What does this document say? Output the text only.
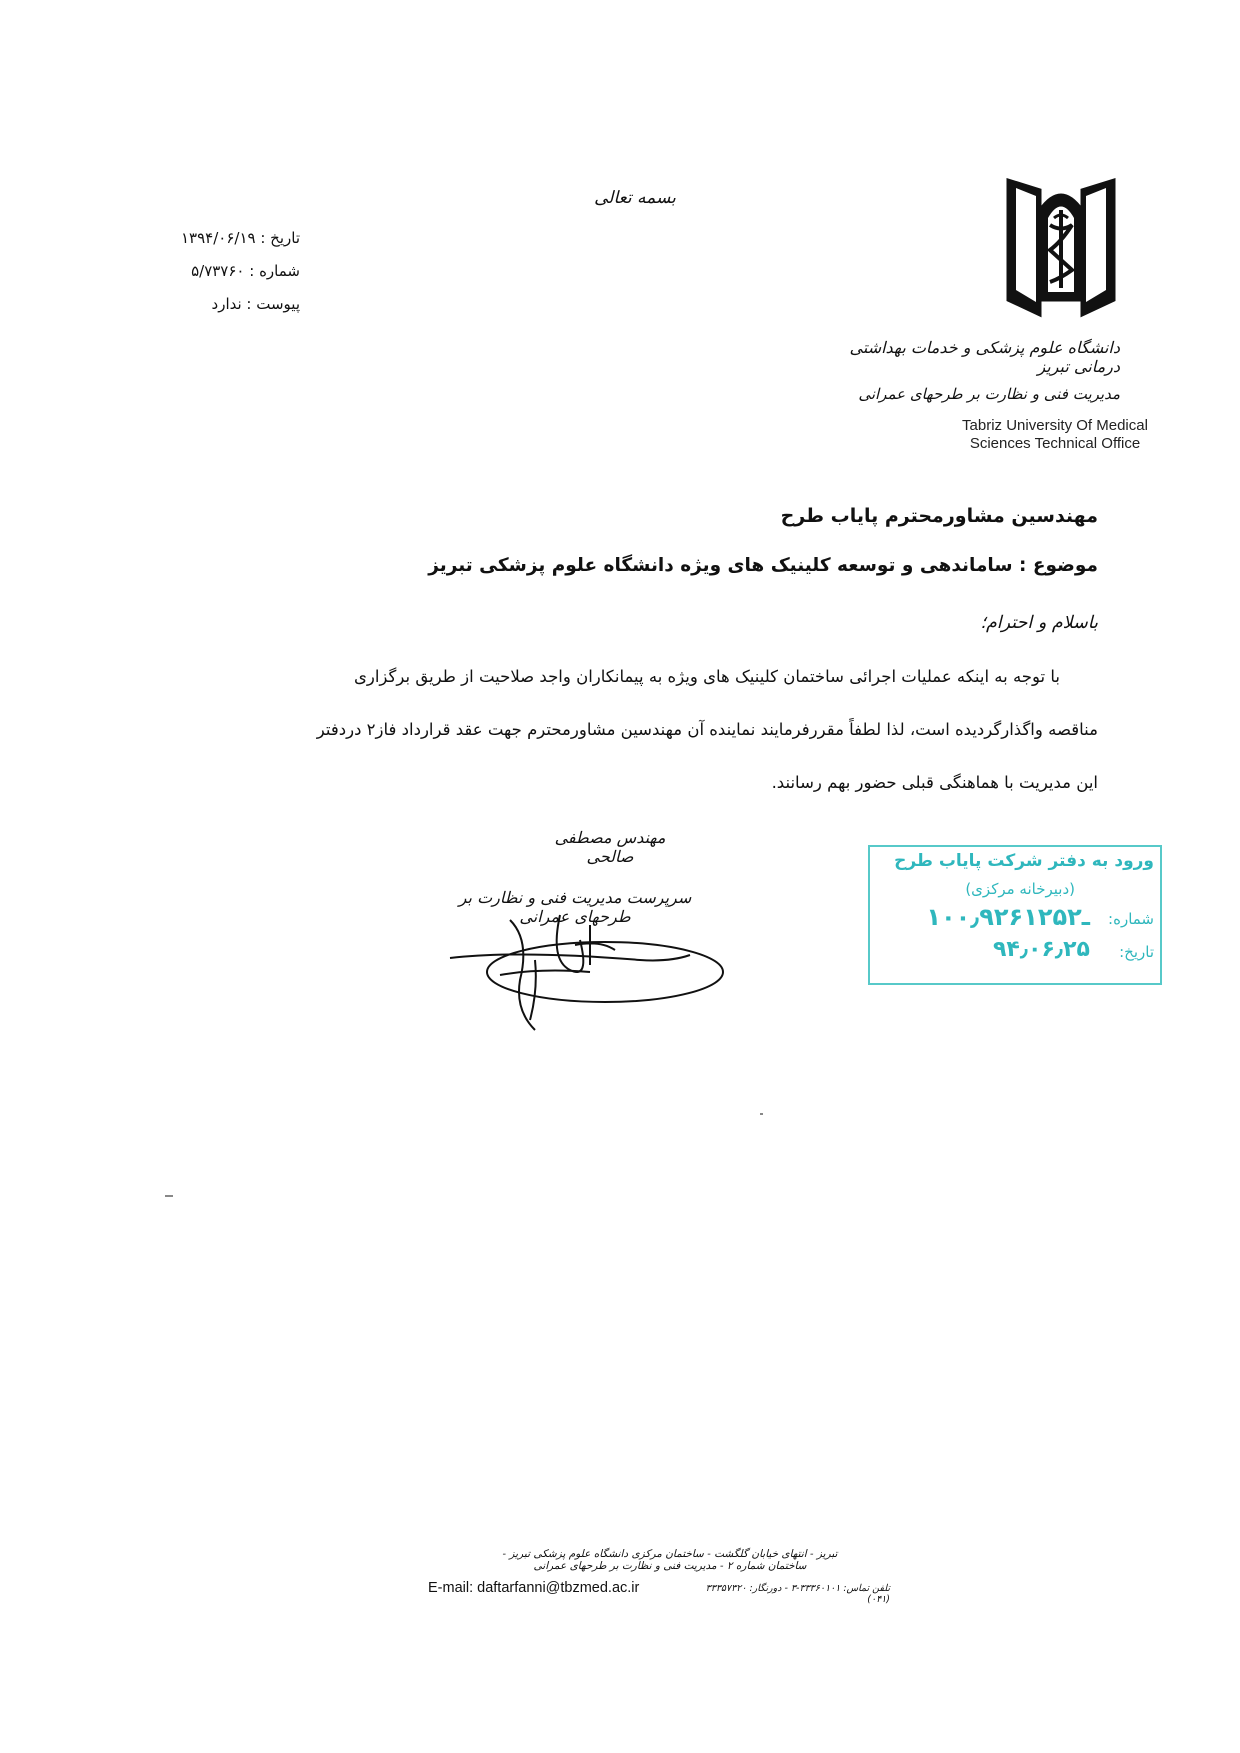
دانشگاه علوم پزشکی و خدمات بهداشتی درمانی تبریز
مدیریت فنی و نظارت بر طرحهای عمرانی
Tabriz University Of Medical
Sciences Technical Office
بسمه تعالی
تاریخ : ۱۳۹۴/۰۶/۱۹
شماره : ۵/۷۳۷۶۰
پیوست : ندارد
مهندسین مشاورمحترم پایاب طرح
موضوع : ساماندهی و توسعه کلینیک های ویژه دانشگاه علوم پزشکی تبریز
باسلام و احترام؛
با توجه به اینکه عملیات اجرائی ساختمان کلینیک های ویژه به پیمانکاران واجد صلاحیت از طریق برگزاری
مناقصه واگذارگردیده است، لذا لطفاً مقررفرمایند نماینده آن مهندسین مشاورمحترم جهت عقد قرارداد فاز۲ دردفتر
این مدیریت با هماهنگی قبلی حضور بهم رسانند.
مهندس مصطفی صالحی
سرپرست مدیریت فنی و نظارت بر طرحهای عمرانی
ورود به دفتر شرکت پایاب طرح
(دبیرخانه مرکزی)
شماره:
۱۰۰٫۹۲ـ۶۱۲۵۲
تاریخ:
۹۴٫۰۶٫۲۵
تبریز - انتهای خیابان گلگشت - ساختمان مرکزی دانشگاه علوم پزشکی تبریز - ساختمان شماره ۲ - مدیریت فنی و نظارت بر طرحهای عمرانی
E-mail: daftarfanni@tbzmed.ac.ir	تلفن تماس: ۳۳۳۶۰۱۰۱-۳ - دورنگار: ۳۳۳۵۷۳۲۰ (۰۴۱)
